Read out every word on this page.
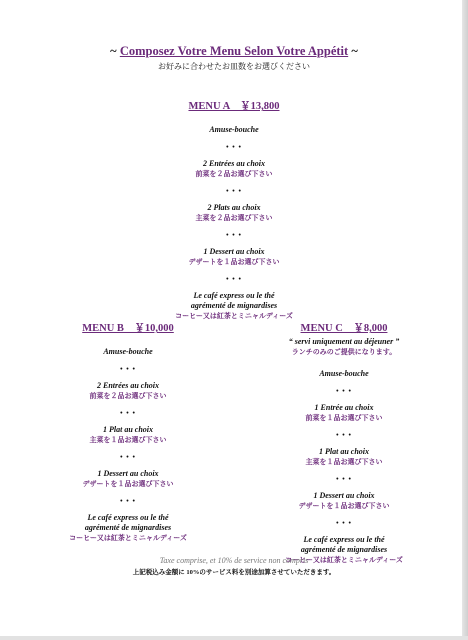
~ Composez Votre Menu Selon Votre Appétit ~
お好みに合わせたお皿数をお選びください
MENU A　￥13,800
Amuse-bouche
• • •
2 Entrées au choix
前菜を２品お選び下さい
• • •
2 Plats au choix
主菜を２品お選び下さい
• • •
1 Dessert au choix
デザートを１品お選び下さい
• • •
Le café express ou le thé
agrémenté de mignardises
コーヒー又は紅茶とミニャルディーズ
MENU B　￥10,000
Amuse-bouche
• • •
2 Entrées au choix
前菜を２品お選び下さい
• • •
1 Plat au choix
主菜を１品お選び下さい
• • •
1 Dessert au choix
デザートを１品お選び下さい
• • •
Le café express ou le thé
agrémenté de mignardises
コーヒー又は紅茶とミニャルディーズ
MENU C　￥8,000
“ servi uniquement au déjeuner ”
ランチのみのご提供になります。
Amuse-bouche
• • •
1 Entrée au choix
前菜を１品お選び下さい
• • •
1 Plat au choix
主菜を１品お選び下さい
• • •
1 Dessert au choix
デザートを１品お選び下さい
• • •
Le café express ou le thé
agrémenté de mignardises
コーヒー又は紅茶とミニャルディーズ
Taxe comprise, et 10% de service non compris
上記税込み金額に 10%のサービス料を別途加算させていただきます。
